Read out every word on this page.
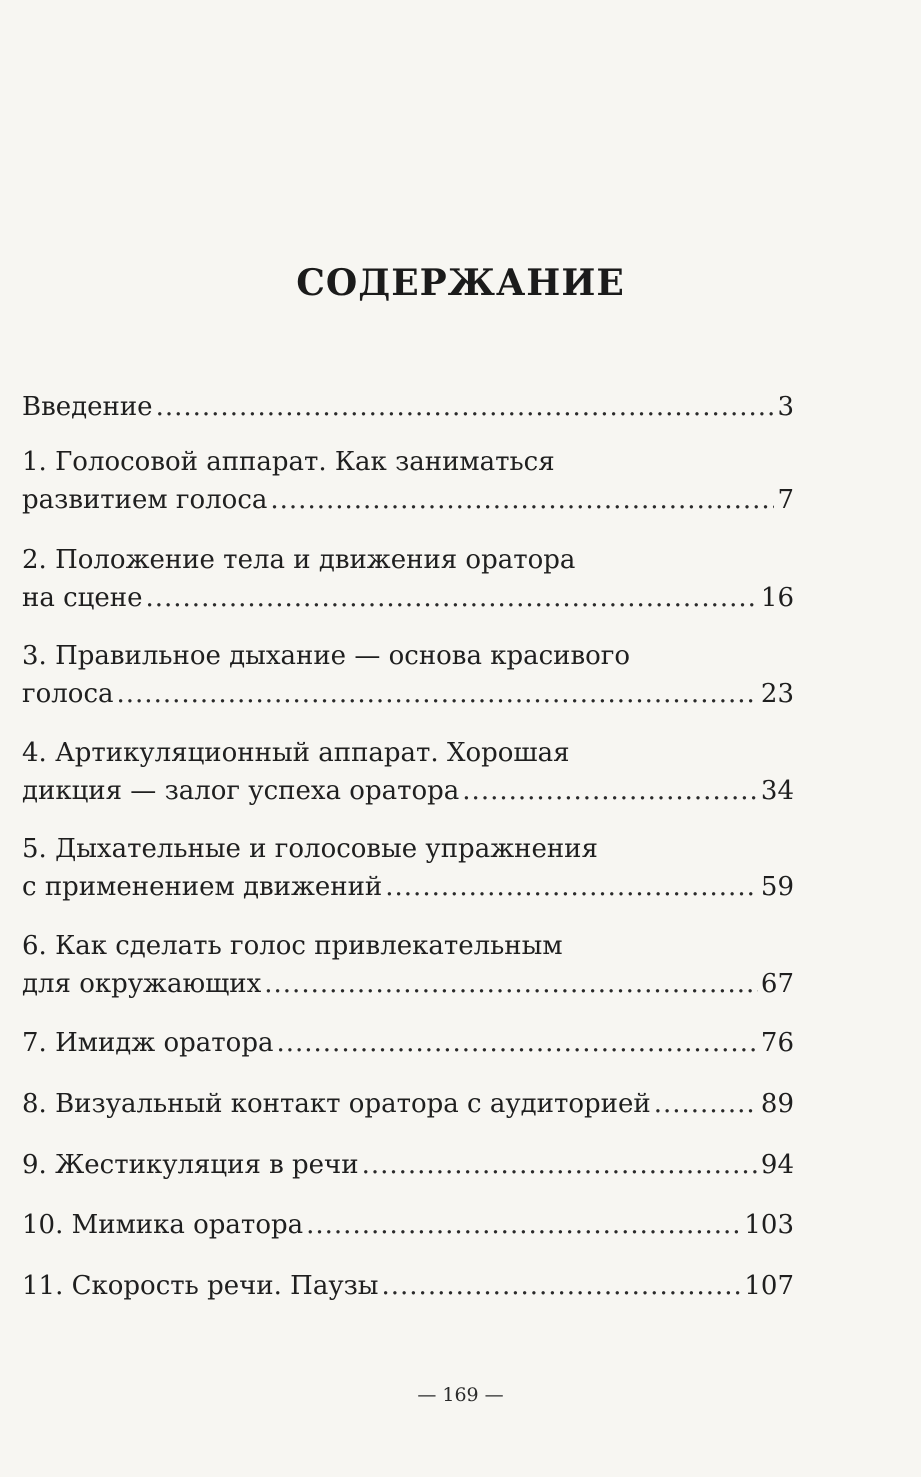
СОДЕРЖАНИЕ
Введение .....	3
1. Голосовой аппарат. Как заниматься
развитием голоса .....	7
2. Положение тела и движения оратора
на сцене .....	16
3. Правильное дыхание — основа красивого
голоса .....	23
4. Артикуляционный аппарат. Хорошая
дикция — залог успеха оратора .....	34
5. Дыхательные и голосовые упражнения
с применением движений .....	59
6. Как сделать голос привлекательным
для окружающих .....	67
7. Имидж оратора .....	76
8. Визуальный контакт оратора с аудиторией .....	89
9. Жестикуляция в речи .....	94
10. Мимика оратора .....	103
11. Скорость речи. Паузы .....	107
— 169 —
